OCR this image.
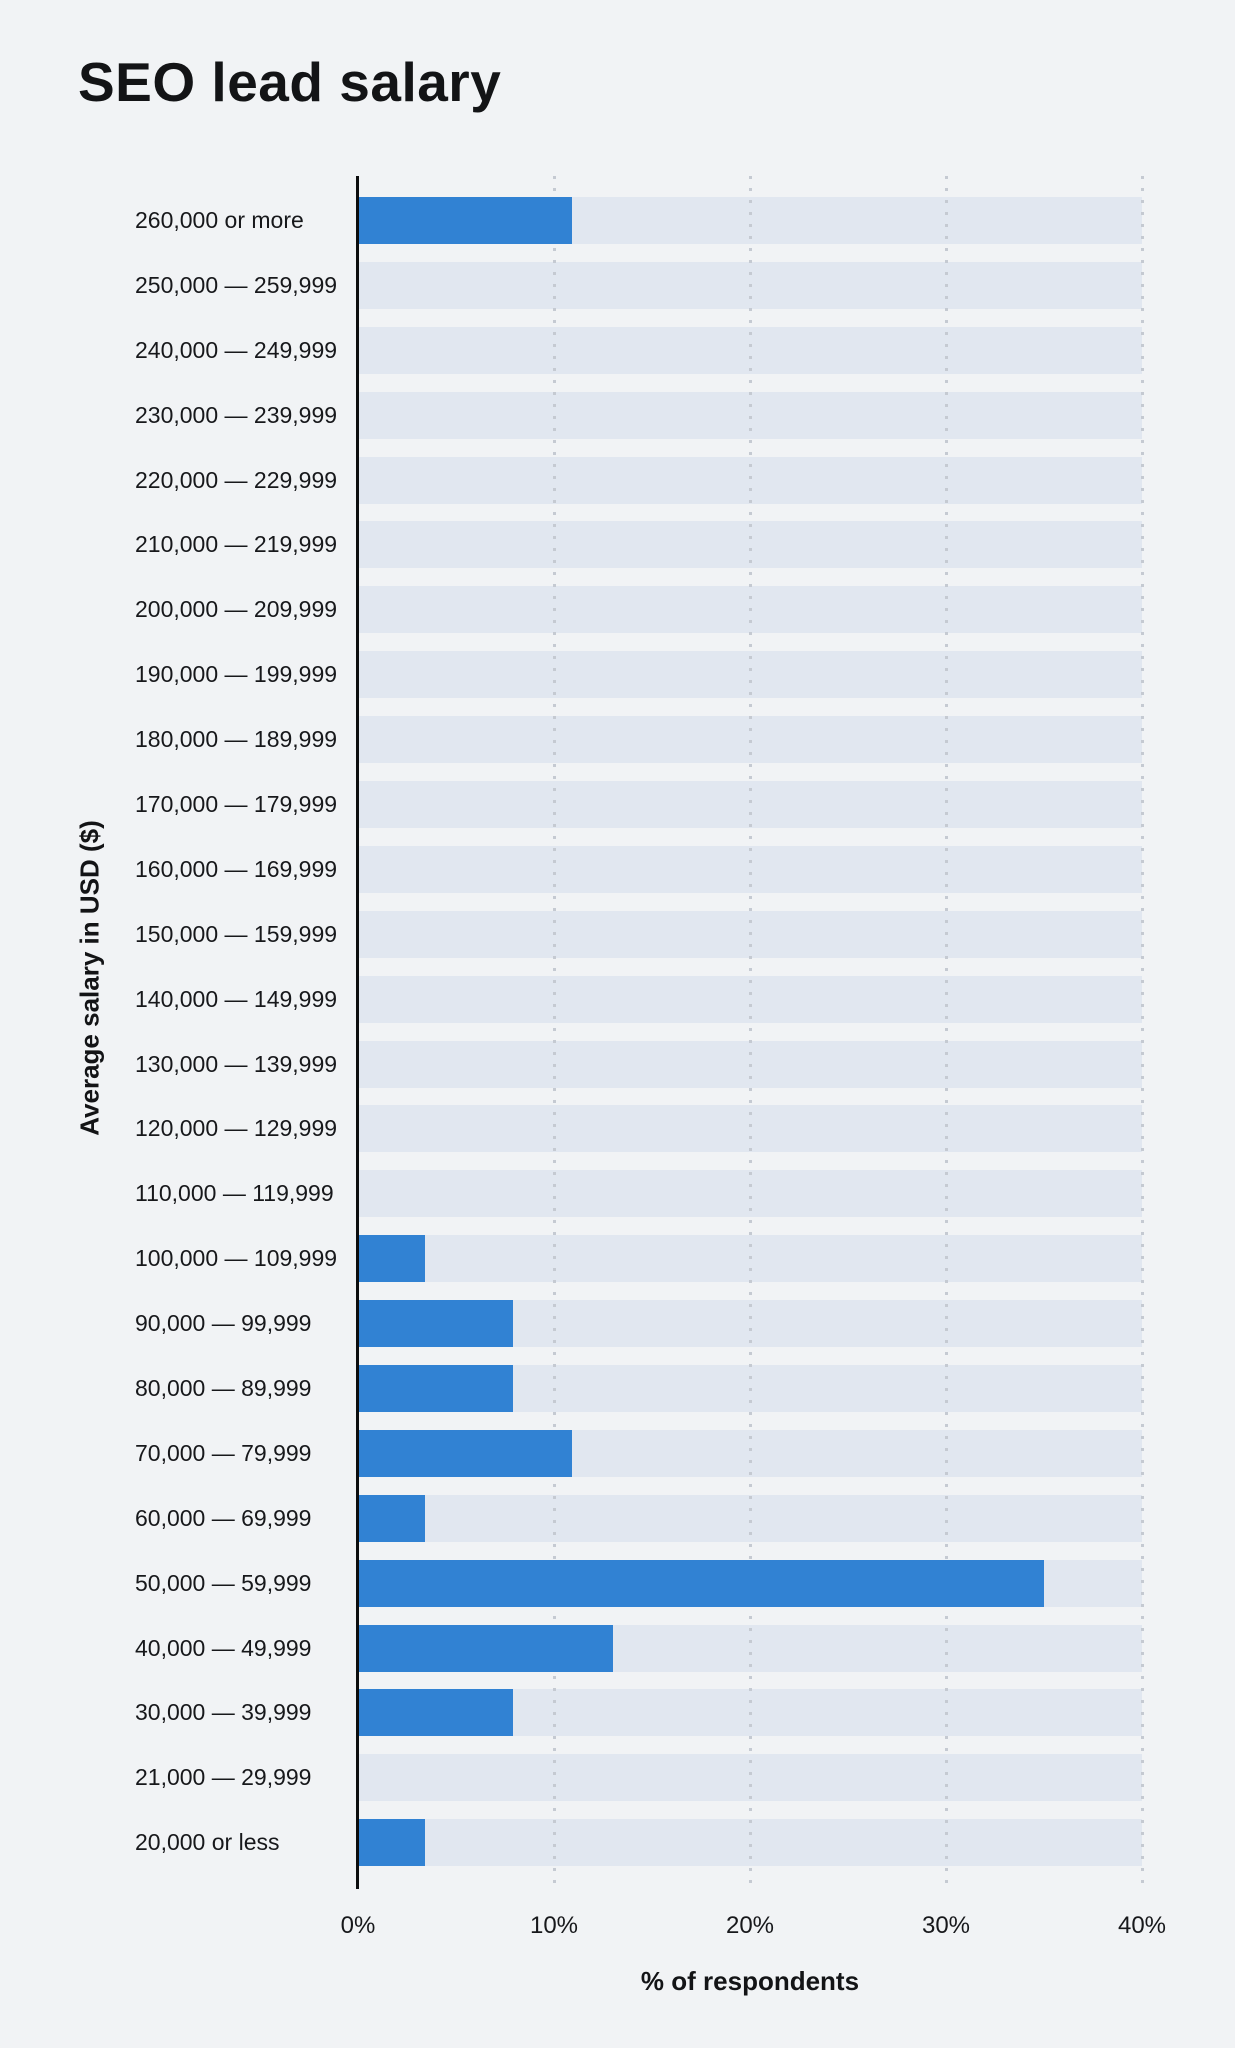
SEO lead salary
260,000 or more
250,000 — 259,999
240,000 — 249,999
230,000 — 239,999
220,000 — 229,999
210,000 — 219,999
200,000 — 209,999
190,000 — 199,999
180,000 — 189,999
170,000 — 179,999
160,000 — 169,999
150,000 — 159,999
140,000 — 149,999
130,000 — 139,999
120,000 — 129,999
110,000 — 119,999
100,000 — 109,999
90,000 — 99,999
80,000 — 89,999
70,000 — 79,999
60,000 — 69,999
50,000 — 59,999
40,000 — 49,999
30,000 — 39,999
21,000 — 29,999
20,000 or less
0%	10%	20%	30%	40%
% of respondents
Average salary in USD ($)
